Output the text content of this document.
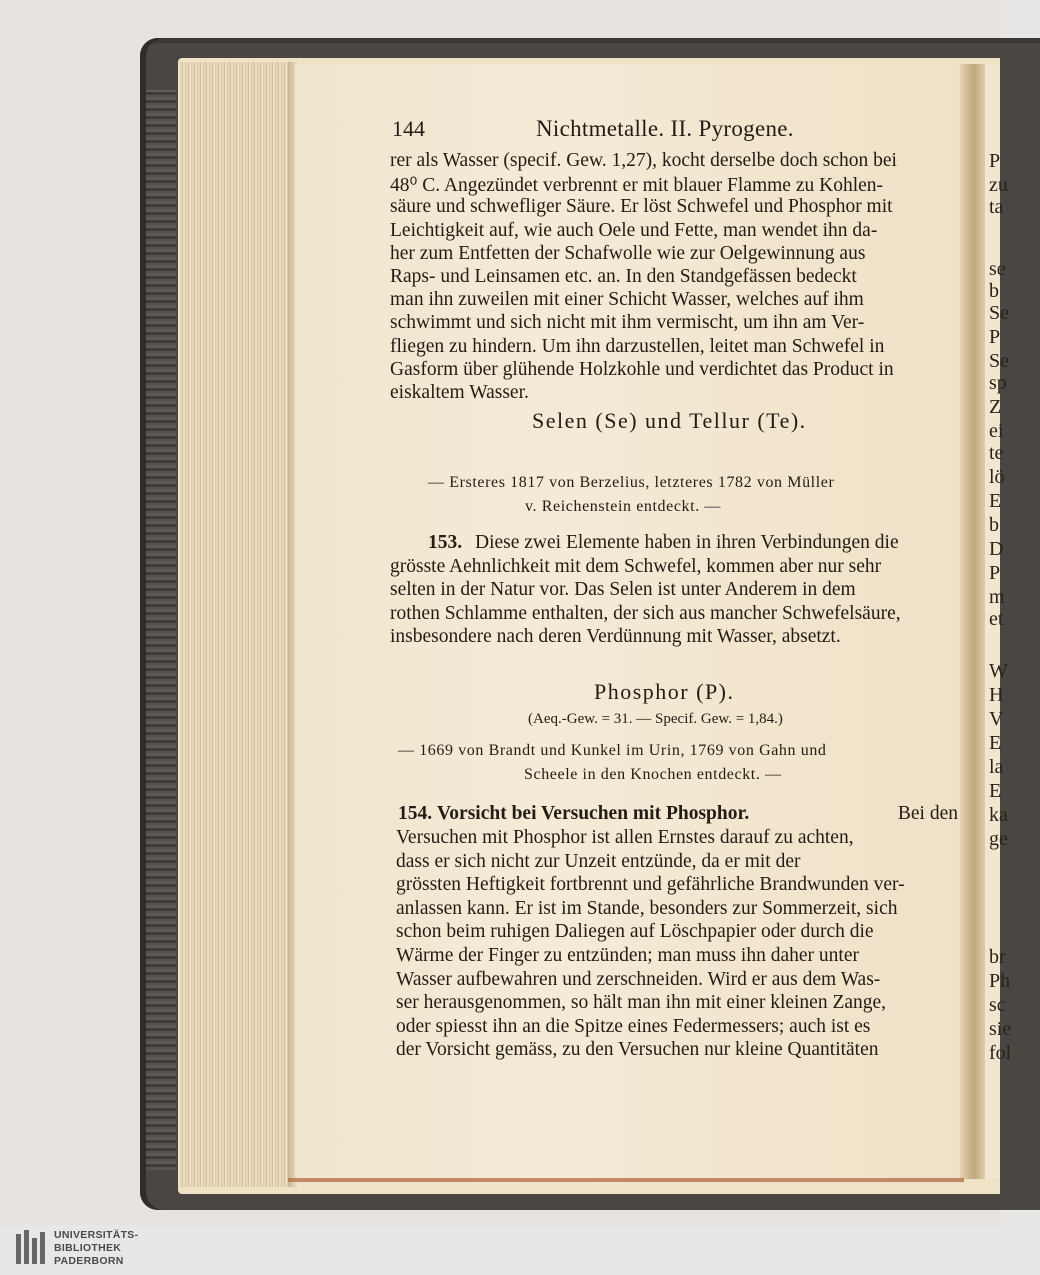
P
zu
ta
se
b
Se
P
Se
sp
Z
ei
te
lö
E
b
D
P
m
et
W
H
V
E
la
E
ka
ge
br
Ph
sc
sie
fol
144	Nichtmetalle. II. Pyrogene.
rer als Wasser (specif. Gew. 1,27), kocht derselbe doch schon bei
48⁰ C. Angezündet verbrennt er mit blauer Flamme zu Kohlen-
säure und schwefliger Säure. Er löst Schwefel und Phosphor mit
Leichtigkeit auf, wie auch Oele und Fette, man wendet ihn da-
her zum Entfetten der Schafwolle wie zur Oelgewinnung aus
Raps- und Leinsamen etc. an. In den Standgefässen bedeckt
man ihn zuweilen mit einer Schicht Wasser, welches auf ihm
schwimmt und sich nicht mit ihm vermischt, um ihn am Ver-
fliegen zu hindern. Um ihn darzustellen, leitet man Schwefel in
Gasform über glühende Holzkohle und verdichtet das Product in
eiskaltem Wasser.
Selen (Se) und Tellur (Te).
— Ersteres 1817 von Berzelius, letzteres 1782 von Müller
v. Reichenstein entdeckt. —
Diese zwei Elemente haben in ihren Verbindungen die
grösste Aehnlichkeit mit dem Schwefel, kommen aber nur sehr
selten in der Natur vor. Das Selen ist unter Anderem in dem
rothen Schlamme enthalten, der sich aus mancher Schwefelsäure,
insbesondere nach deren Verdünnung mit Wasser, absetzt.
153.
Phosphor (P).
(Aeq.-Gew. = 31. — Specif. Gew. = 1,84.)
— 1669 von Brandt und Kunkel im Urin, 1769 von Gahn und
Scheele in den Knochen entdeckt. —
154. Vorsicht bei Versuchen mit Phosphor.	Bei den
Versuchen mit Phosphor ist allen Ernstes darauf zu achten,
dass er sich nicht zur Unzeit entzünde, da er mit der
grössten Heftigkeit fortbrennt und gefährliche Brandwunden ver-
anlassen kann. Er ist im Stande, besonders zur Sommerzeit, sich
schon beim ruhigen Daliegen auf Löschpapier oder durch die
Wärme der Finger zu entzünden; man muss ihn daher unter
Wasser aufbewahren und zerschneiden. Wird er aus dem Was-
ser herausgenommen, so hält man ihn mit einer kleinen Zange,
oder spiesst ihn an die Spitze eines Federmessers; auch ist es
der Vorsicht gemäss, zu den Versuchen nur kleine Quantitäten
UNIVERSITÄTS-
BIBLIOTHEK
PADERBORN
